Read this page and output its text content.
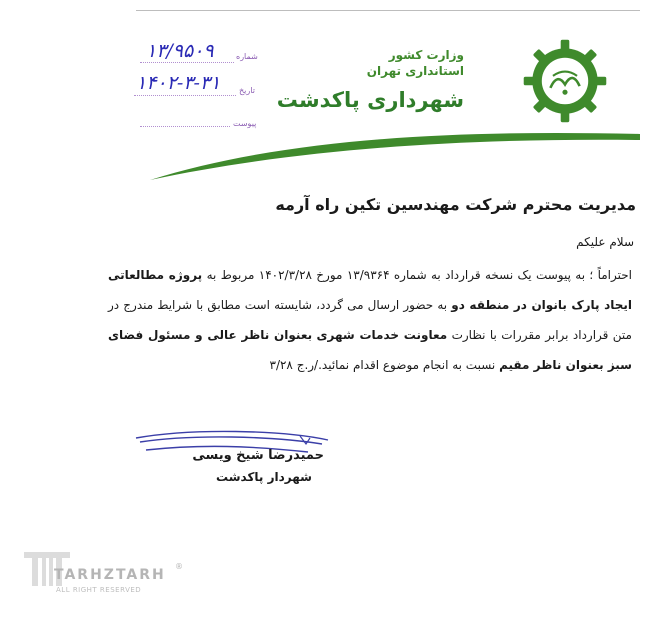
وزارت کشور
استانداری تهران
شهرداری پاکدشت
شماره
۱۳/۹۵۰۹
تاریخ
۱۴۰۲-۳-۳۱
پیوست
مدیریت محترم شرکت مهندسین تکین راه آرمه
سلام علیکم
احتراماً ؛ به پیوست یک نسخه قرارداد به شماره ۱۳/۹۳۶۴ مورخ ۱۴۰۲/۳/۲۸ مربوط به پروژه مطالعاتی ایجاد پارک بانوان در منطقه دو به حضور ارسال می گردد، شایسته است مطابق با شرایط مندرج در متن قرارداد برابر مقررات با نظارت معاونت خدمات شهری بعنوان ناظر عالی و مسئول فضای سبز بعنوان ناظر مقیم نسبت به انجام موضوع اقدام نمائید./ر.ج ۳/۲۸
حمیدرضا شیخ ویسی
شهردار پاکدشت
TARHZTARH
®
ALL RIGHT RESERVED
